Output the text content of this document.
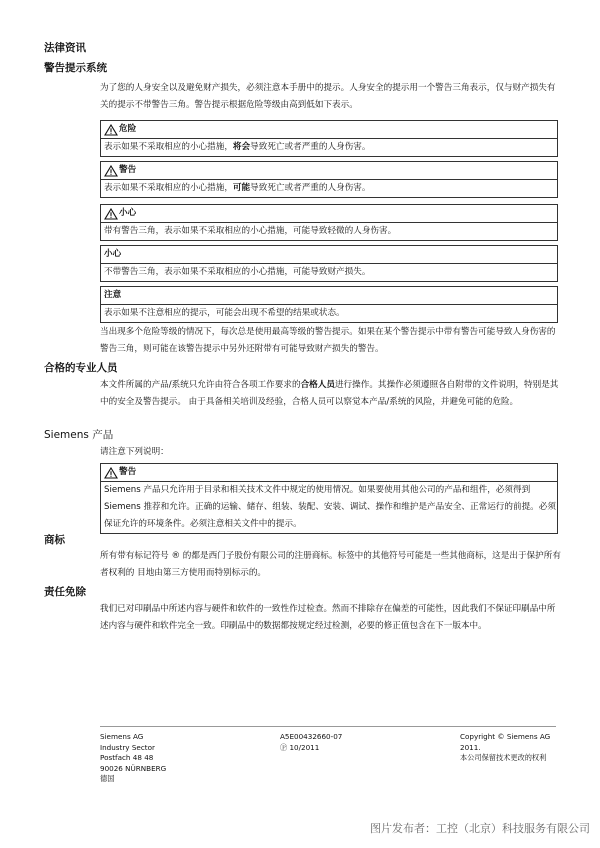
法律资讯

警告提示系统

为了您的人身安全以及避免财产损失，必须注意本手册中的提示。人身安全的提示用一个警告三角表示，仅与财产损失有关的提示不带警告三角。警告提示根据危险等级由高到低如下表示。

危险
表示如果不采取相应的小心措施，将会导致死亡或者严重的人身伤害。
警告
表示如果不采取相应的小心措施，可能导致死亡或者严重的人身伤害。
小心
带有警告三角，表示如果不采取相应的小心措施，可能导致轻微的人身伤害。
小心
不带警告三角，表示如果不采取相应的小心措施，可能导致财产损失。
注意
表示如果不注意相应的提示，可能会出现不希望的结果或状态。

当出现多个危险等级的情况下，每次总是使用最高等级的警告提示。如果在某个警告提示中带有警告可能导致人身伤害的警告三角，则可能在该警告提示中另外还附带有可能导致财产损失的警告。

合格的专业人员

本文件所属的产品/系统只允许由符合各项工作要求的合格人员进行操作。其操作必须遵照各自附带的文件说明，特别是其中的安全及警告提示。 由于具备相关培训及经验，合格人员可以察觉本产品/系统的风险，并避免可能的危险。

Siemens 产品

请注意下列说明：

警告
Siemens 产品只允许用于目录和相关技术文件中规定的使用情况。如果要使用其他公司的产品和组件，必须得到 Siemens 推荐和允许。正确的运输、储存、组装、装配、安装、调试、操作和维护是产品安全、正常运行的前提。必须保证允许的环境条件。必须注意相关文件中的提示。

商标

所有带有标记符号 ® 的都是西门子股份有限公司的注册商标。标签中的其他符号可能是一些其他商标，这是出于保护所有者权利的 目地由第三方使用而特别标示的。

责任免除

我们已对印刷品中所述内容与硬件和软件的一致性作过检查。然而不排除存在偏差的可能性，因此我们不保证印刷品中所述内容与硬件和软件完全一致。印刷品中的数据都按规定经过检测，必要的修正值包含在下一版本中。

Siemens AG
Industry Sector
Postfach 48 48
90026 NÜRNBERG
德国
A5E00432660-07
Ⓟ 10/2011
Copyright © Siemens AG
2011.
本公司保留技术更改的权利
图片发布者：工控（北京）科技服务有限公司
